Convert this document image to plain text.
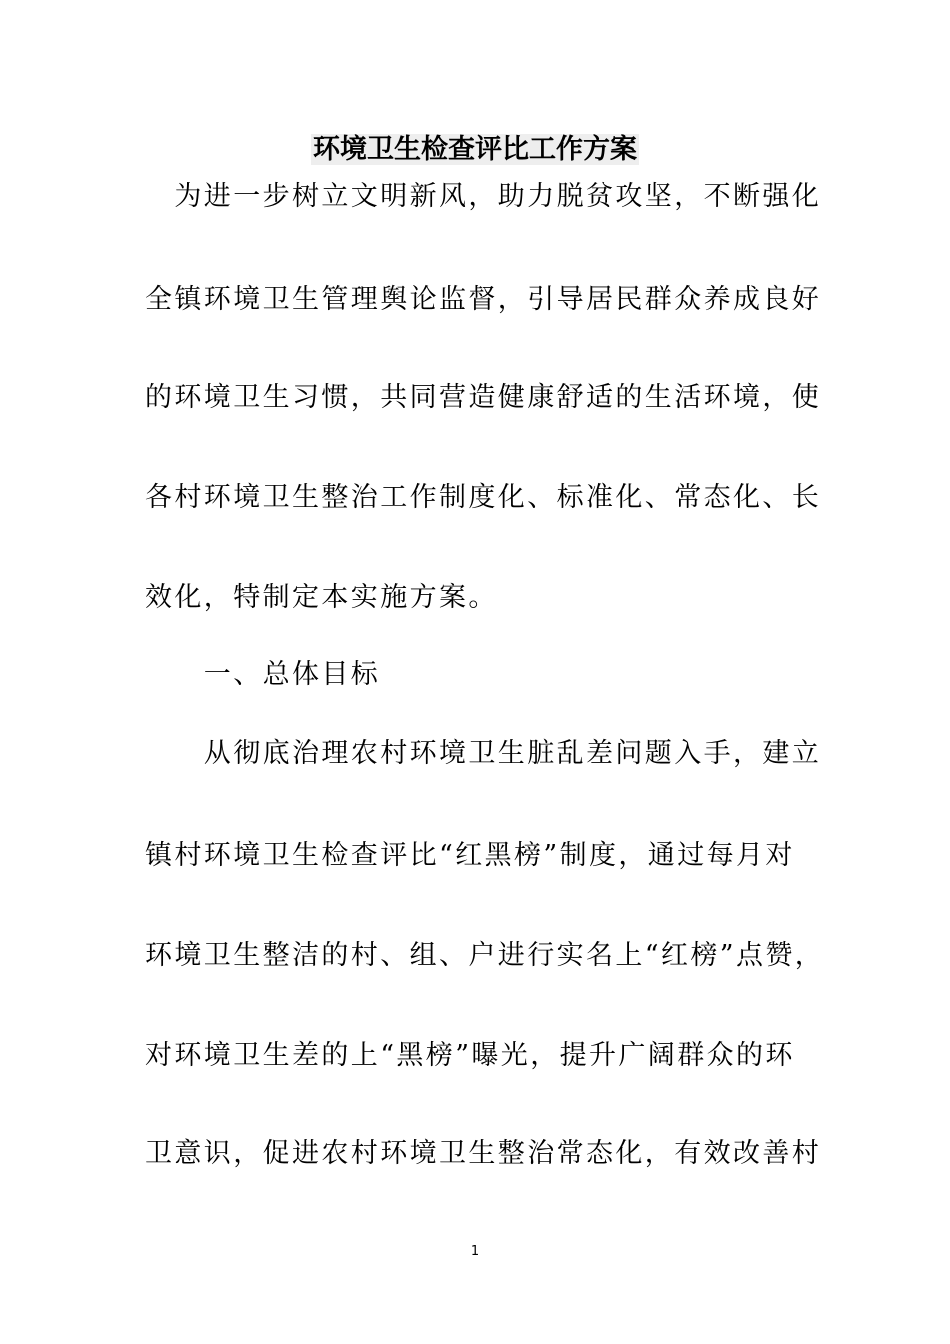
环境卫生检查评比工作方案

　为进一步树立文明新风，助力脱贫攻坚，不断强化

全镇环境卫生管理舆论监督，引导居民群众养成良好

的环境卫生习惯，共同营造健康舒适的生活环境，使

各村环境卫生整治工作制度化、标准化、常态化、长

效化，特制定本实施方案。

　　一、总体目标

　　从彻底治理农村环境卫生脏乱差问题入手，建立

镇村环境卫生检查评比“红黑榜”制度，通过每月对

环境卫生整洁的村、组、户进行实名上“红榜”点赞，

对环境卫生差的上“黑榜”曝光，提升广阔群众的环

卫意识，促进农村环境卫生整治常态化，有效改善村

1
